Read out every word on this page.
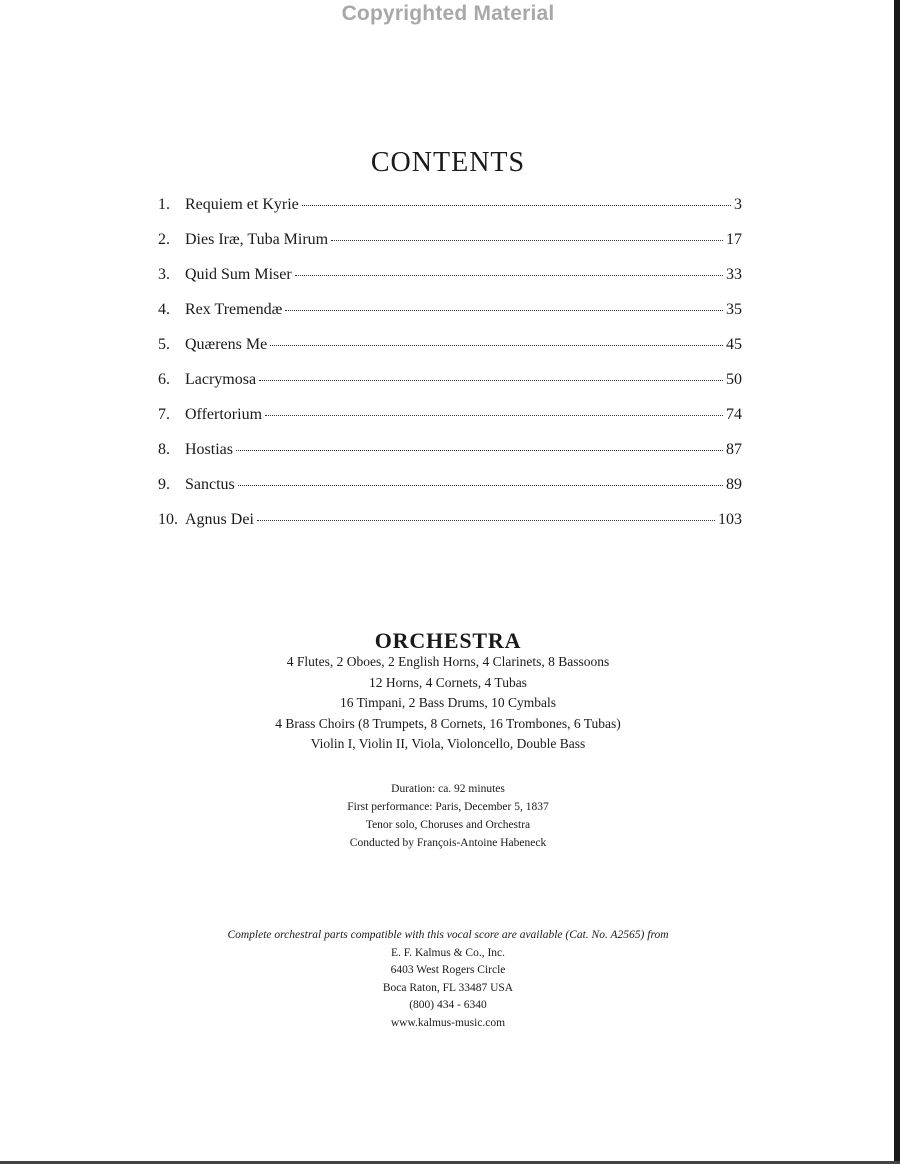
Copyrighted Material
CONTENTS
1. Requiem et Kyrie	3
2. Dies Iræ, Tuba Mirum	17
3. Quid Sum Miser	33
4. Rex Tremendæ	35
5. Quærens Me	45
6. Lacrymosa	50
7. Offertorium	74
8. Hostias	87
9. Sanctus	89
10. Agnus Dei	103
ORCHESTRA
4 Flutes, 2 Oboes, 2 English Horns, 4 Clarinets, 8 Bassoons
12 Horns, 4 Cornets, 4 Tubas
16 Timpani, 2 Bass Drums, 10 Cymbals
4 Brass Choirs (8 Trumpets, 8 Cornets, 16 Trombones, 6 Tubas)
Violin I, Violin II, Viola, Violoncello, Double Bass
Duration: ca. 92 minutes
First performance: Paris, December 5, 1837
Tenor solo, Choruses and Orchestra
Conducted by François-Antoine Habeneck
Complete orchestral parts compatible with this vocal score are available (Cat. No. A2565) from
E. F. Kalmus & Co., Inc.
6403 West Rogers Circle
Boca Raton, FL 33487 USA
(800) 434 - 6340
www.kalmus-music.com
